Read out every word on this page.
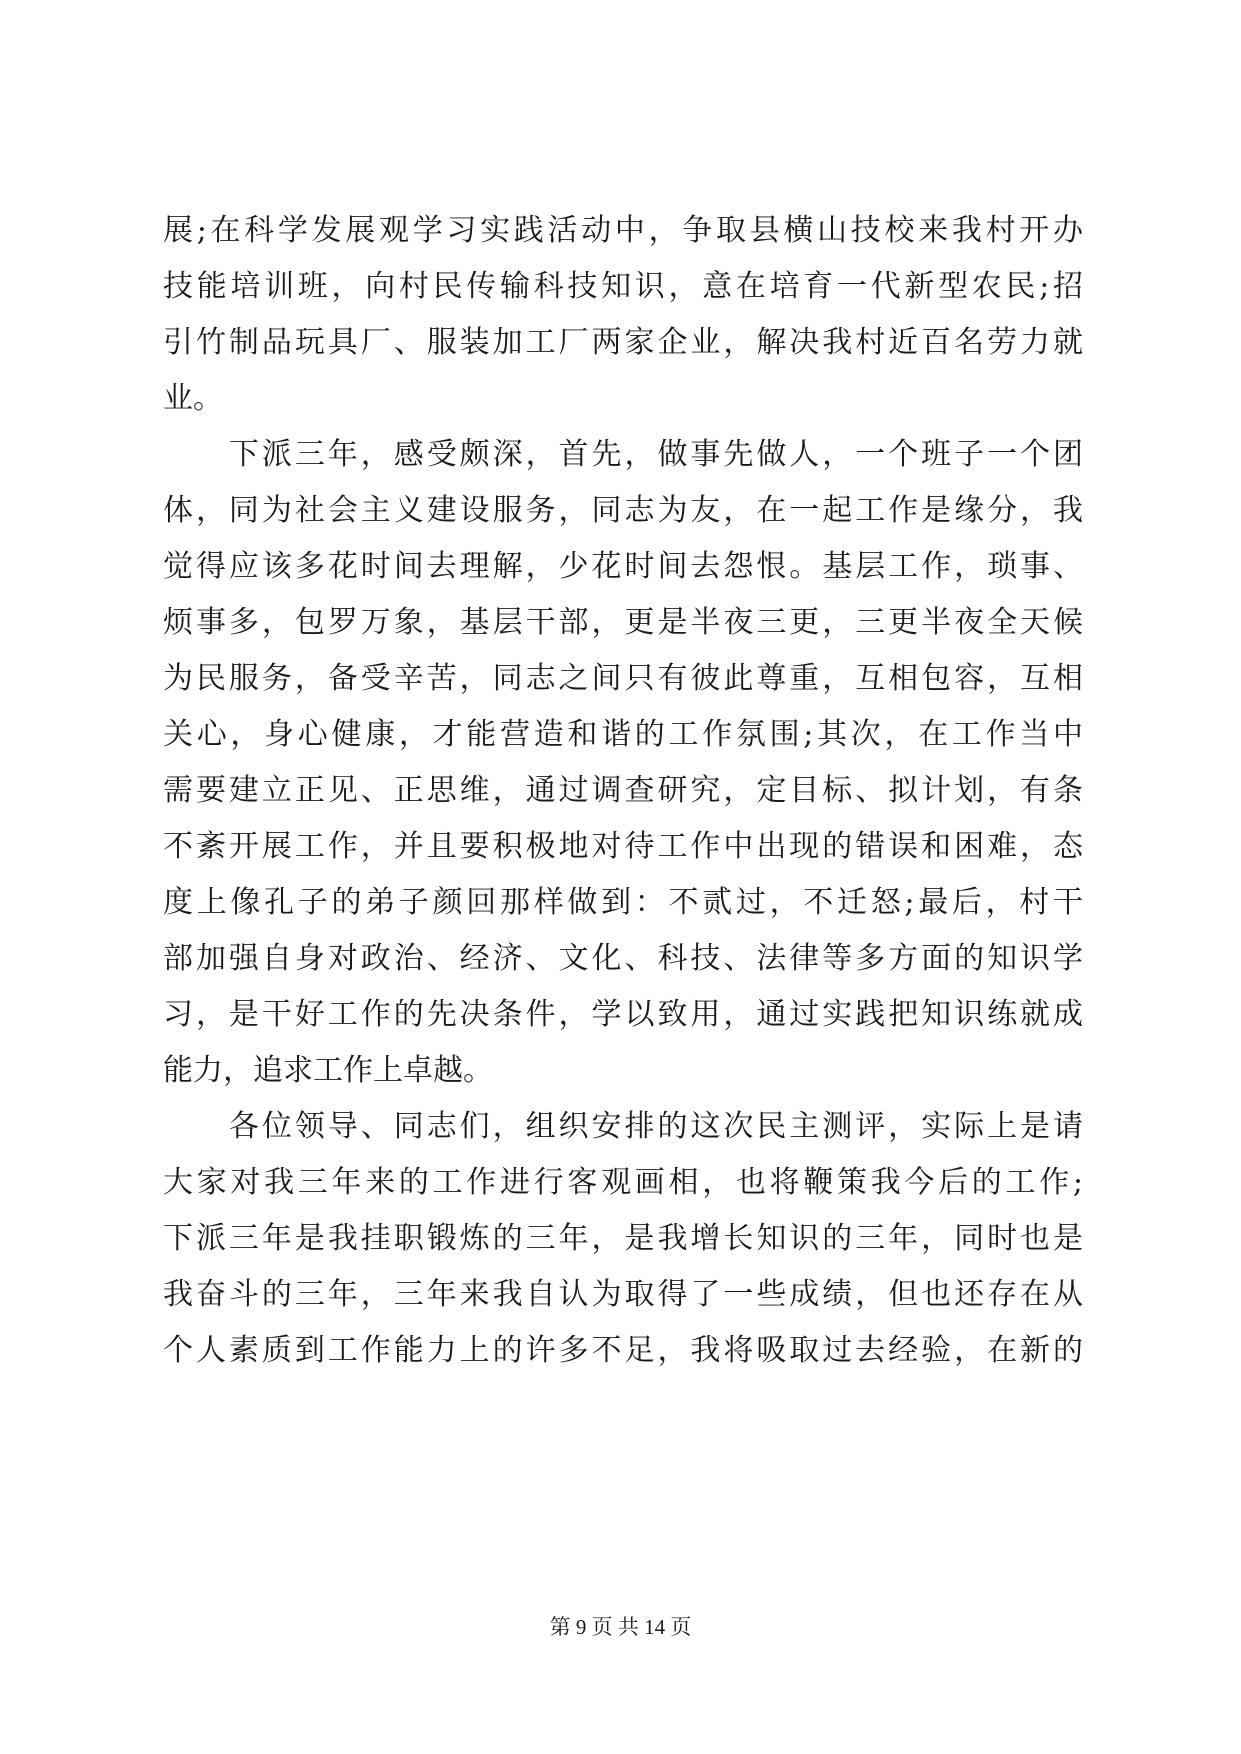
展;在科学发展观学习实践活动中，争取县横山技校来我村开办
技能培训班，向村民传输科技知识，意在培育一代新型农民;招
引竹制品玩具厂、服装加工厂两家企业，解决我村近百名劳力就
业。
　　下派三年，感受颇深，首先，做事先做人，一个班子一个团
体，同为社会主义建设服务，同志为友，在一起工作是缘分，我
觉得应该多花时间去理解，少花时间去怨恨。基层工作，琐事、
烦事多，包罗万象，基层干部，更是半夜三更，三更半夜全天候
为民服务，备受辛苦，同志之间只有彼此尊重，互相包容，互相
关心，身心健康，才能营造和谐的工作氛围;其次，在工作当中
需要建立正见、正思维，通过调查研究，定目标、拟计划，有条
不紊开展工作，并且要积极地对待工作中出现的错误和困难，态
度上像孔子的弟子颜回那样做到：不贰过，不迁怒;最后，村干
部加强自身对政治、经济、文化、科技、法律等多方面的知识学
习，是干好工作的先决条件，学以致用，通过实践把知识练就成
能力，追求工作上卓越。
　　各位领导、同志们，组织安排的这次民主测评，实际上是请
大家对我三年来的工作进行客观画相，也将鞭策我今后的工作;
下派三年是我挂职锻炼的三年，是我增长知识的三年，同时也是
我奋斗的三年，三年来我自认为取得了一些成绩，但也还存在从
个人素质到工作能力上的许多不足，我将吸取过去经验，在新的
第 9 页 共 14 页
